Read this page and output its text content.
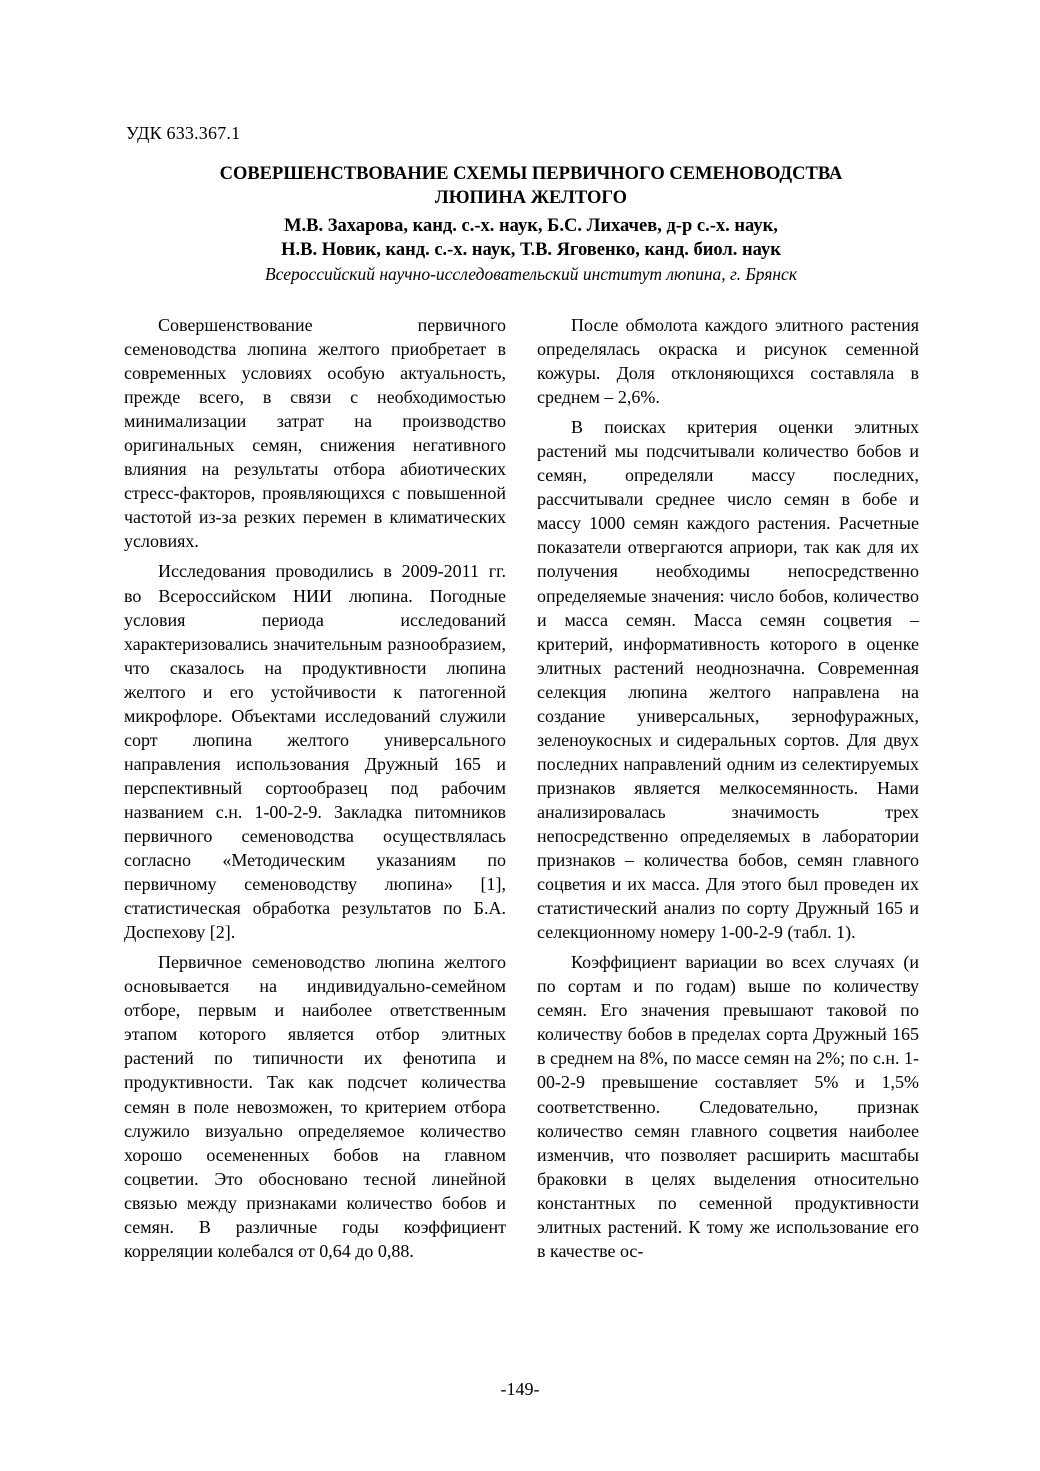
УДК 633.367.1
СОВЕРШЕНСТВОВАНИЕ СХЕМЫ ПЕРВИЧНОГО СЕМЕНОВОДСТВА
ЛЮПИНА ЖЕЛТОГО
М.В. Захарова, канд. с.-х. наук, Б.С. Лихачев, д-р с.-х. наук,
Н.В. Новик, канд. с.-х. наук, Т.В. Яговенко, канд. биол. наук
Всероссийский научно-исследовательский институт люпина, г. Брянск

Совершенствование первичного семеноводства люпина желтого приобретает в современных условиях особую актуальность, прежде всего, в связи с необходимостью минимализации затрат на производство оригинальных семян, снижения негативного влияния на результаты отбора абиотических стресс-факторов, проявляющихся с повышенной частотой из-за резких перемен в климатических условиях.

Исследования проводились в 2009-2011 гг. во Всероссийском НИИ люпина. Погодные условия периода исследований характеризовались значительным разнообразием, что сказалось на продуктивности люпина желтого и его устойчивости к патогенной микрофлоре. Объектами исследований служили сорт люпина желтого универсального направления использования Дружный 165 и перспективный сортообразец под рабочим названием с.н. 1-00-2-9. Закладка питомников первичного семеноводства осуществлялась согласно «Методическим указаниям по первичному семеноводству люпина» [1], статистическая обработка результатов по Б.А. Доспехову [2].

Первичное семеноводство люпина желтого основывается на индивидуально-семейном отборе, первым и наиболее ответственным этапом которого является отбор элитных растений по типичности их фенотипа и продуктивности. Так как подсчет количества семян в поле невозможен, то критерием отбора служило визуально определяемое количество хорошо осемененных бобов на главном соцветии. Это обосновано тесной линейной связью между признаками количество бобов и семян. В различные годы коэффициент корреляции колебался от 0,64 до 0,88.

После обмолота каждого элитного растения определялась окраска и рисунок семенной кожуры. Доля отклоняющихся составляла в среднем – 2,6%.

В поисках критерия оценки элитных растений мы подсчитывали количество бобов и семян, определяли массу последних, рассчитывали среднее число семян в бобе и массу 1000 семян каждого растения. Расчетные показатели отвергаются априори, так как для их получения необходимы непосредственно определяемые значения: число бобов, количество и масса семян. Масса семян соцветия – критерий, информативность которого в оценке элитных растений неоднозначна. Современная селекция люпина желтого направлена на создание универсальных, зернофуражных, зеленоукосных и сидеральных сортов. Для двух последних направлений одним из селектируемых признаков является мелкосемянность. Нами анализировалась значимость трех непосредственно определяемых в лаборатории признаков – количества бобов, семян главного соцветия и их масса. Для этого был проведен их статистический анализ по сорту Дружный 165 и селекционному номеру 1-00-2-9 (табл. 1).

Коэффициент вариации во всех случаях (и по сортам и по годам) выше по количеству семян. Его значения превышают таковой по количеству бобов в пределах сорта Дружный 165 в среднем на 8%, по массе семян на 2%; по с.н. 1-00-2-9 превышение составляет 5% и 1,5% соответственно. Следовательно, признак количество семян главного соцветия наиболее изменчив, что позволяет расширить масштабы браковки в целях выделения относительно константных по семенной продуктивности элитных растений. К тому же использование его в качестве ос-

-149-
